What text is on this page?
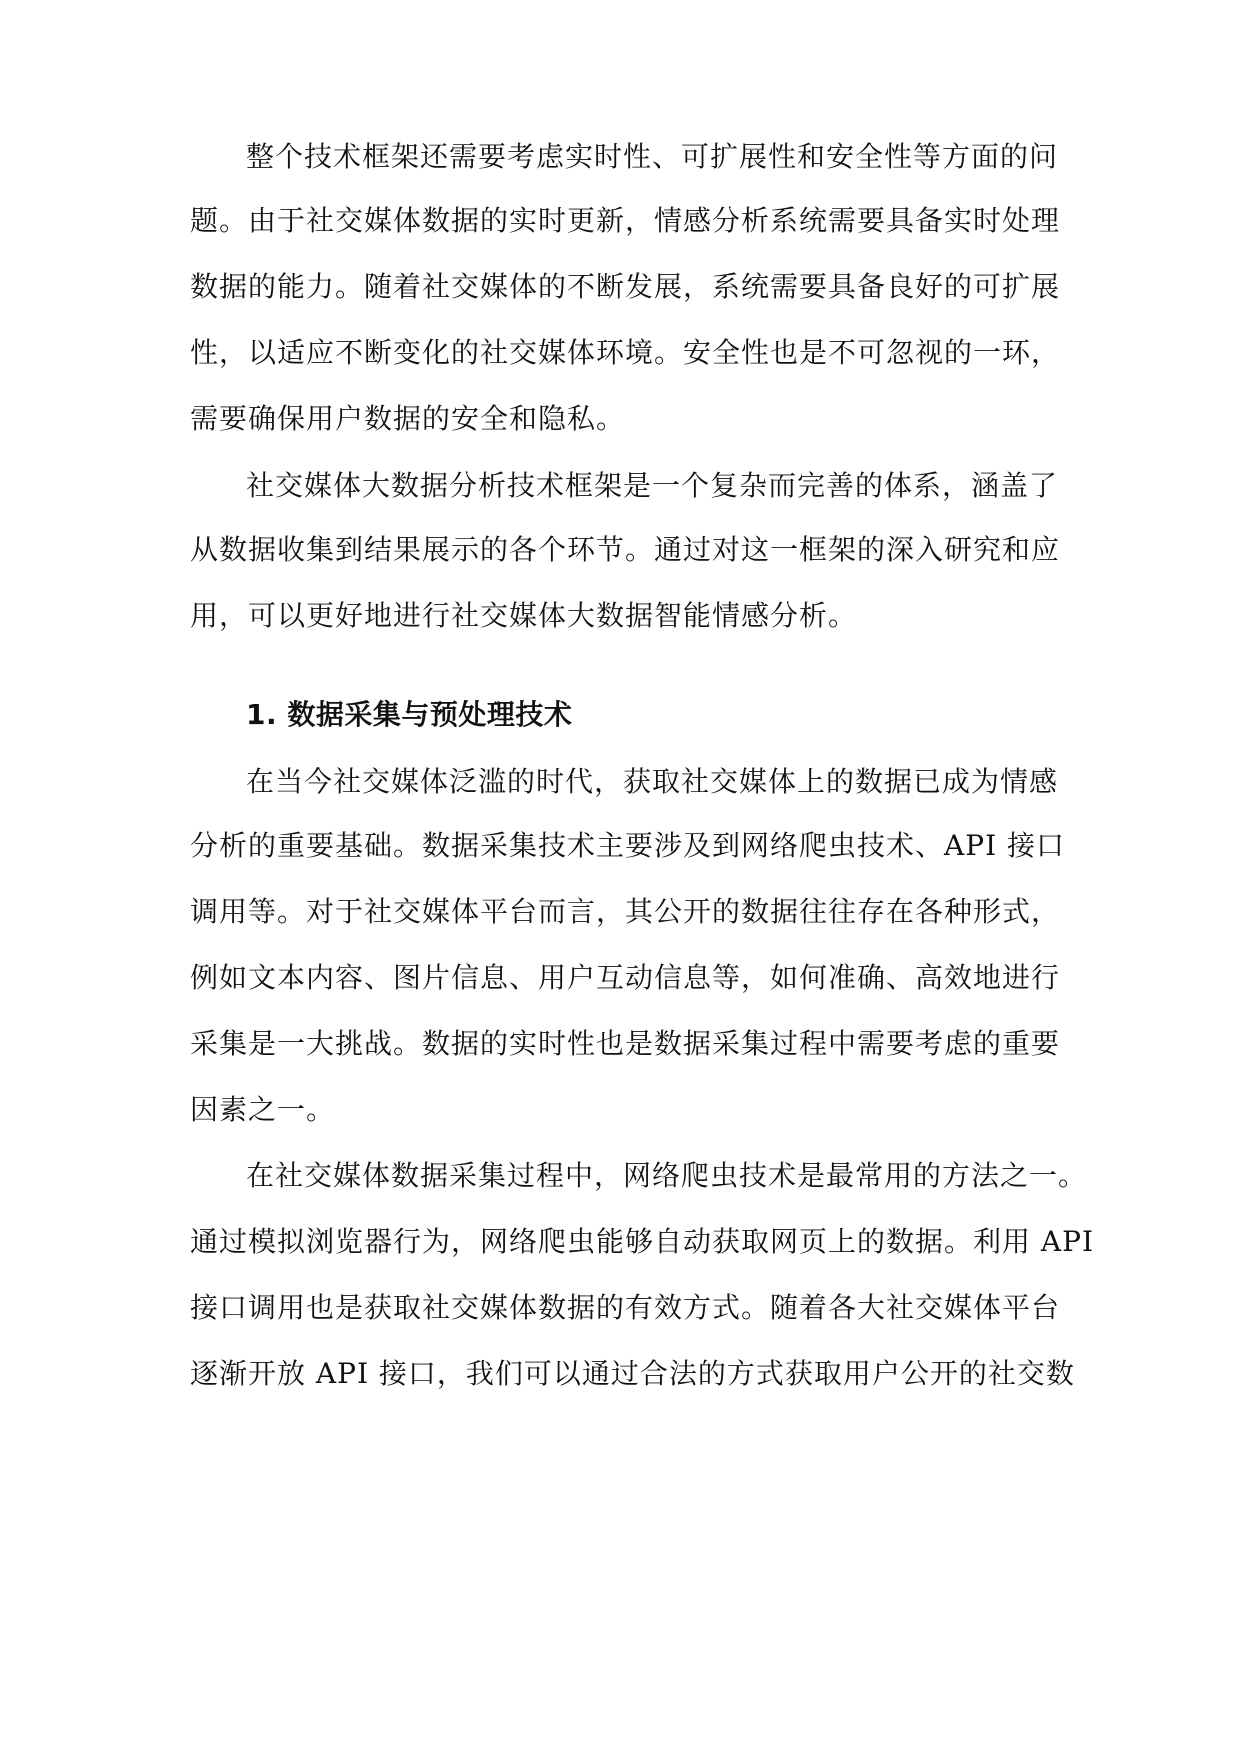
整个技术框架还需要考虑实时性、可扩展性和安全性等方面的问
题。由于社交媒体数据的实时更新，情感分析系统需要具备实时处理
数据的能力。随着社交媒体的不断发展，系统需要具备良好的可扩展
性，以适应不断变化的社交媒体环境。安全性也是不可忽视的一环，
需要确保用户数据的安全和隐私。
社交媒体大数据分析技术框架是一个复杂而完善的体系，涵盖了
从数据收集到结果展示的各个环节。通过对这一框架的深入研究和应
用，可以更好地进行社交媒体大数据智能情感分析。
1. 数据采集与预处理技术
在当今社交媒体泛滥的时代，获取社交媒体上的数据已成为情感
分析的重要基础。数据采集技术主要涉及到网络爬虫技术、API 接口
调用等。对于社交媒体平台而言，其公开的数据往往存在各种形式，
例如文本内容、图片信息、用户互动信息等，如何准确、高效地进行
采集是一大挑战。数据的实时性也是数据采集过程中需要考虑的重要
因素之一。
在社交媒体数据采集过程中，网络爬虫技术是最常用的方法之一。
通过模拟浏览器行为，网络爬虫能够自动获取网页上的数据。利用 API
接口调用也是获取社交媒体数据的有效方式。随着各大社交媒体平台
逐渐开放 API 接口，我们可以通过合法的方式获取用户公开的社交数
